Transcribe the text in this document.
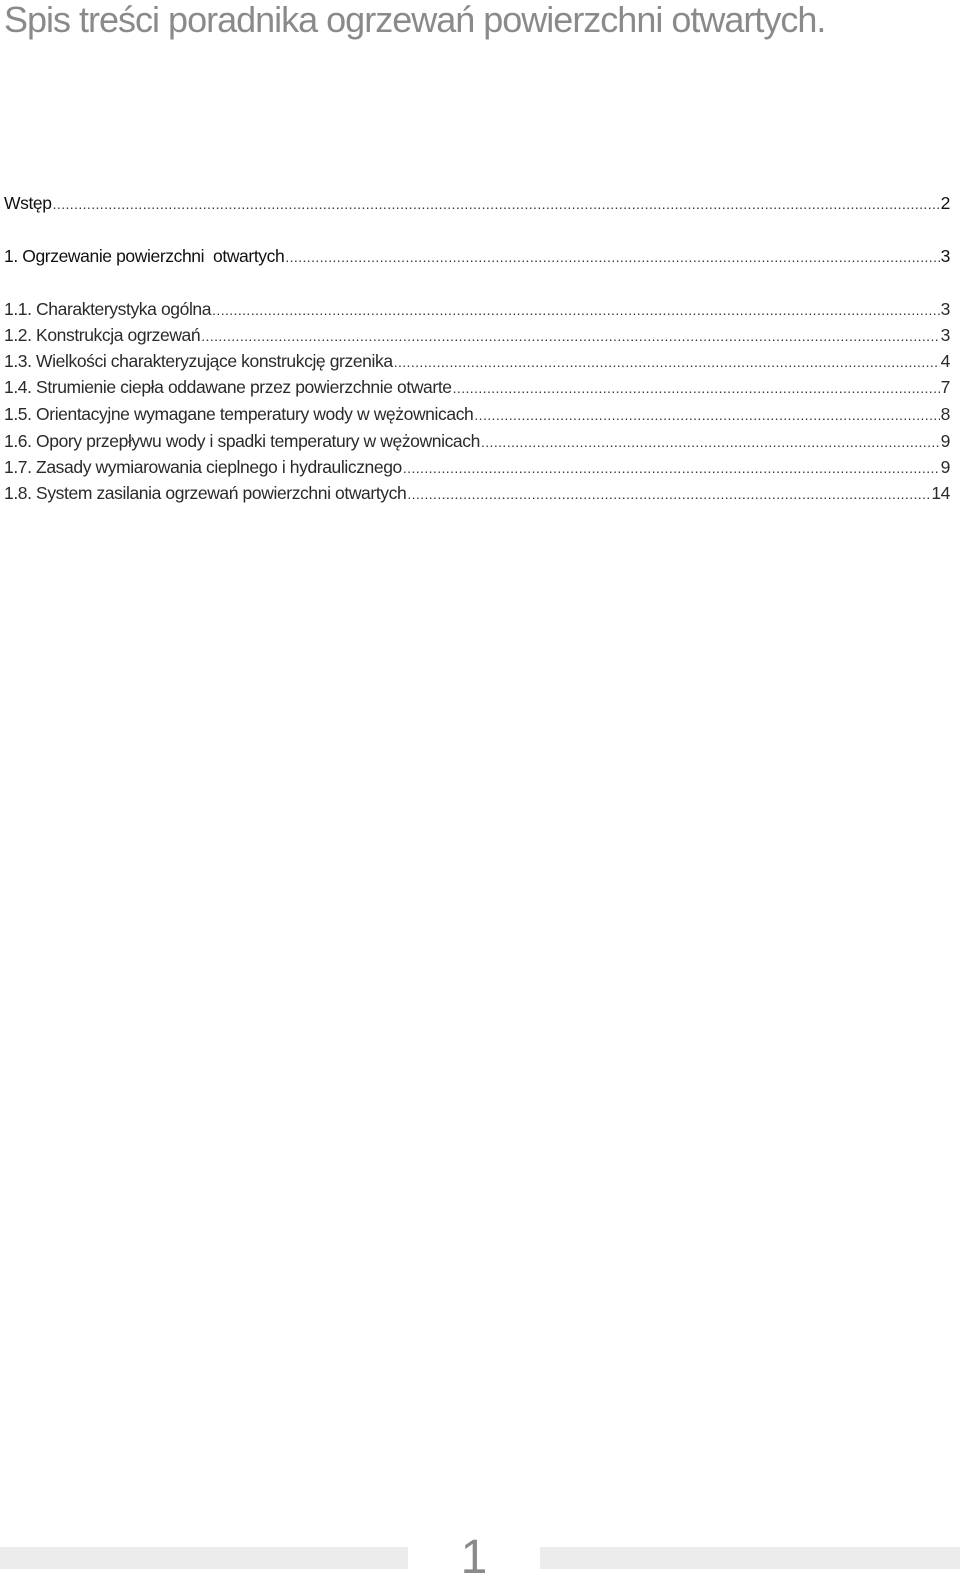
Spis treści poradnika ogrzewań powierzchni otwartych.
Wstęp .....	2
1. Ogrzewanie powierzchni  otwartych .....	3
1.1. Charakterystyka ogólna .....	3
1.2. Konstrukcja ogrzewań .....	3
1.3. Wielkości charakteryzujące konstrukcję grzenika .....	4
1.4. Strumienie ciepła oddawane przez powierzchnie otwarte .....	7
1.5. Orientacyjne wymagane temperatury wody w wężownicach .....	8
1.6. Opory przepływu wody i spadki temperatury w wężownicach .....	9
1.7. Zasady wymiarowania cieplnego i hydraulicznego .....	9
1.8. System zasilania ogrzewań powierzchni otwartych .....	14
1
